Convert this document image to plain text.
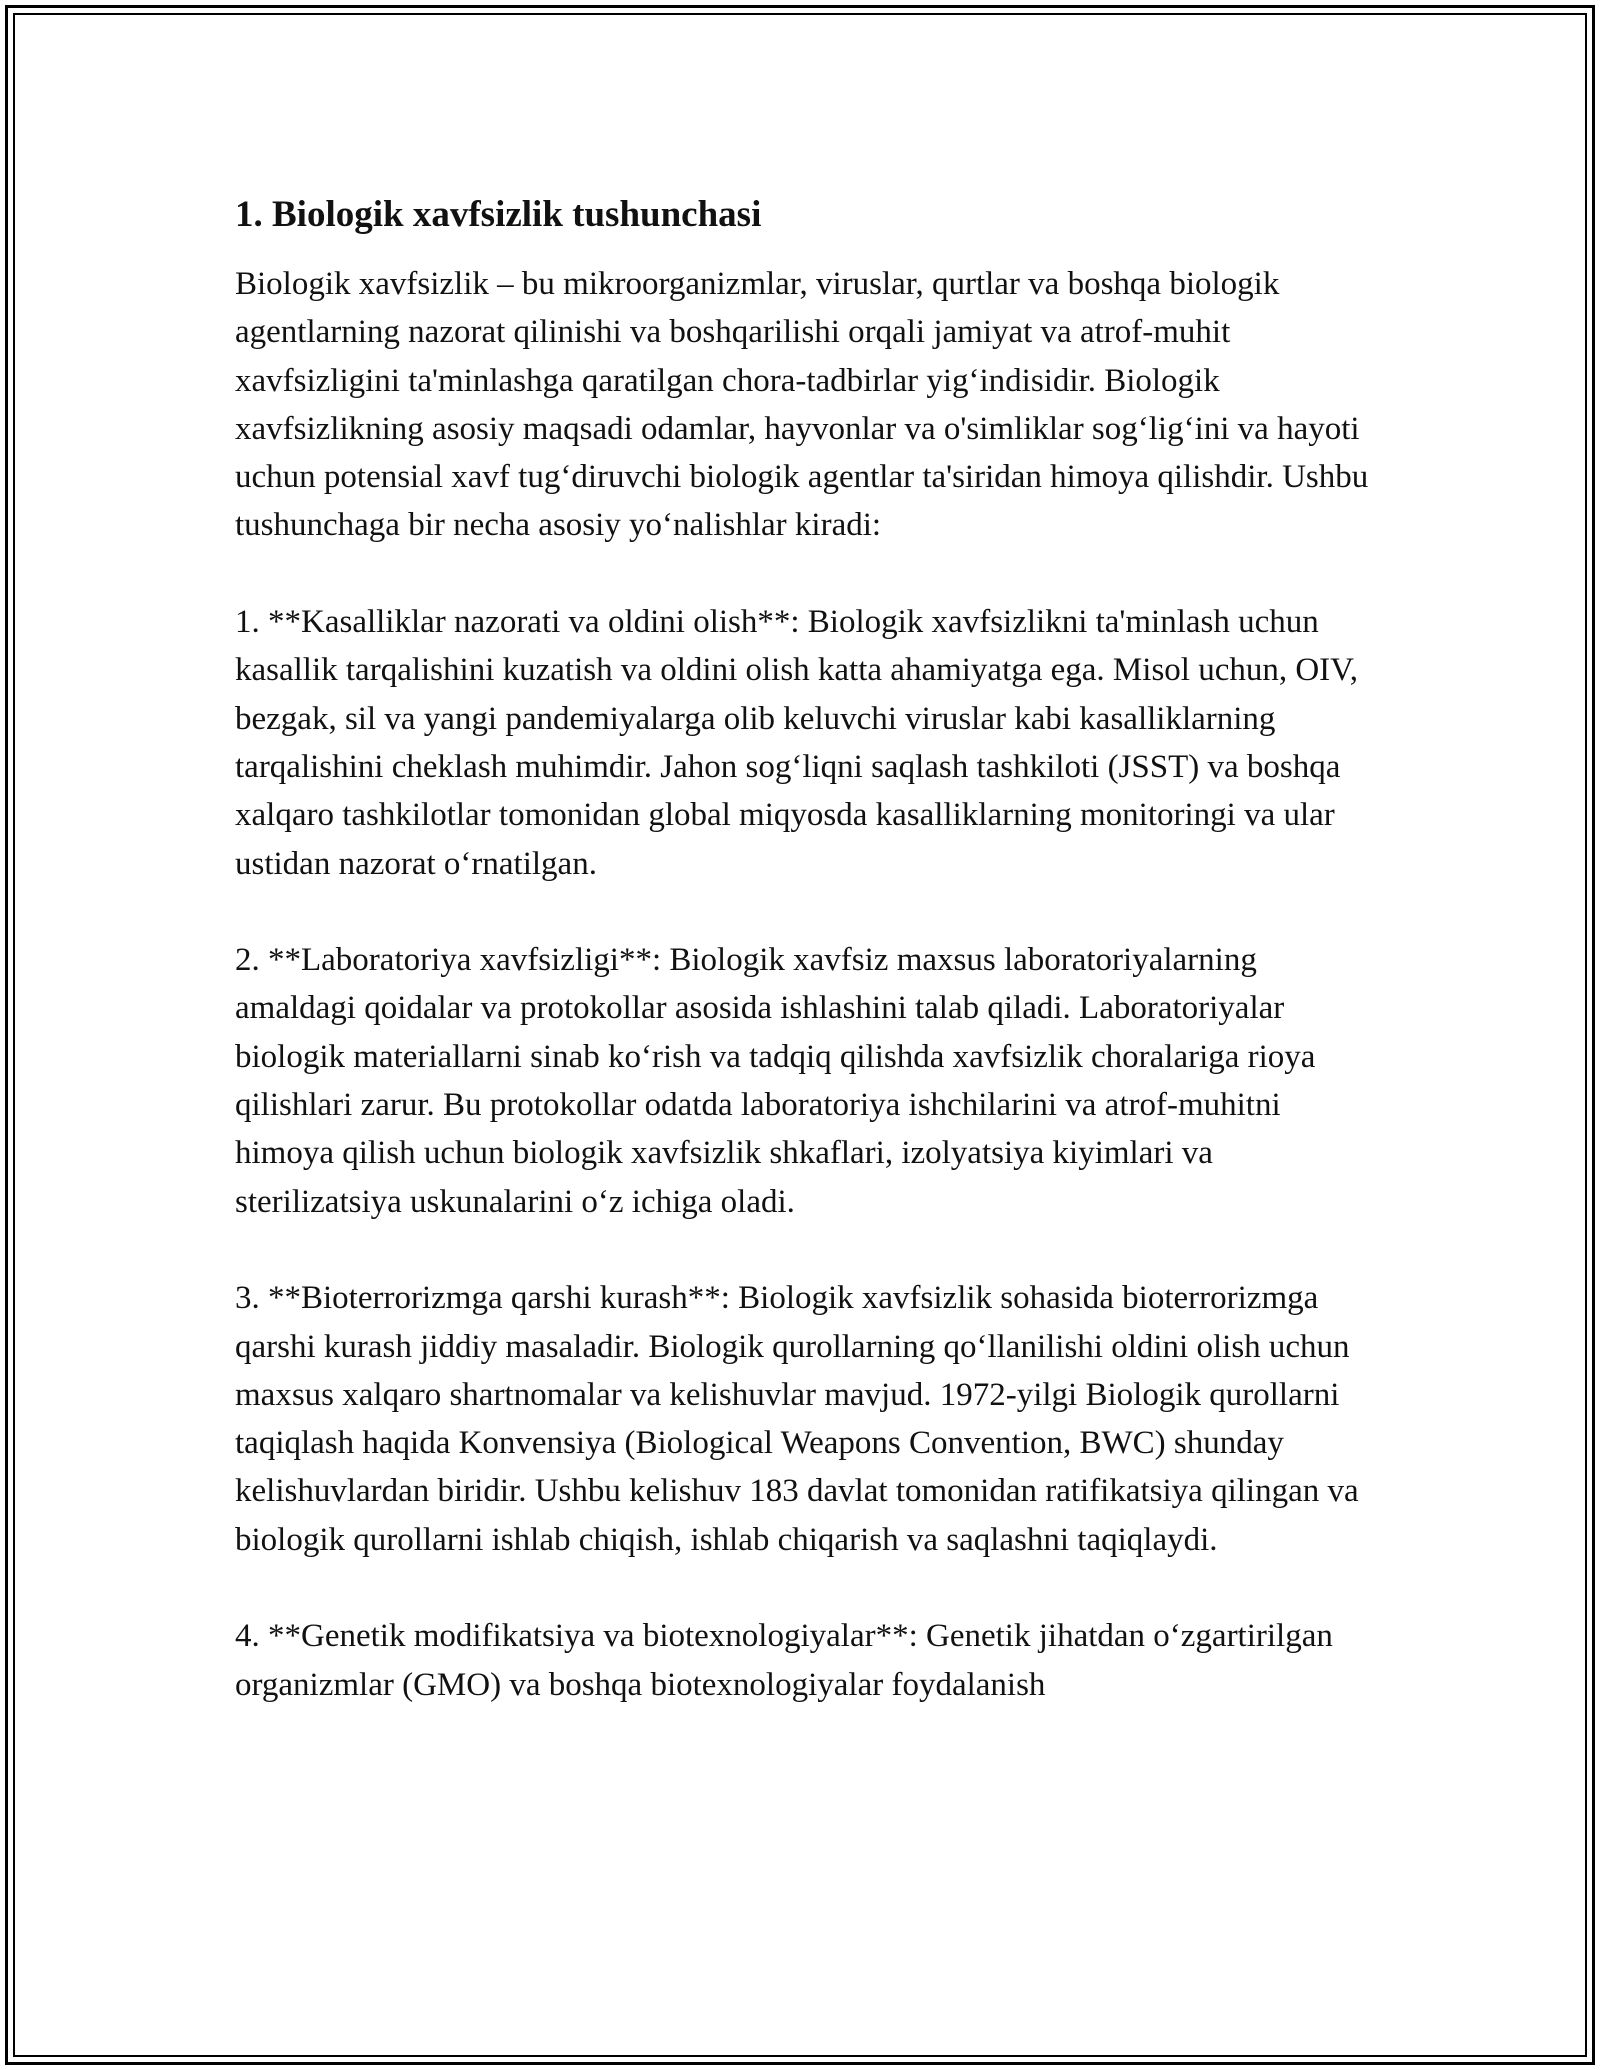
1. Biologik xavfsizlik tushunchasi

Biologik xavfsizlik – bu mikroorganizmlar, viruslar, qurtlar va boshqa biologik agentlarning nazorat qilinishi va boshqarilishi orqali jamiyat va atrof-muhit xavfsizligini ta'minlashga qaratilgan chora-tadbirlar yig‘indisidir. Biologik xavfsizlikning asosiy maqsadi odamlar, hayvonlar va o'simliklar sog‘lig‘ini va hayoti uchun potensial xavf tug‘diruvchi biologik agentlar ta'siridan himoya qilishdir. Ushbu tushunchaga bir necha asosiy yo‘nalishlar kiradi:

1. **Kasalliklar nazorati va oldini olish**: Biologik xavfsizlikni ta'minlash uchun kasallik tarqalishini kuzatish va oldini olish katta ahamiyatga ega. Misol uchun, OIV, bezgak, sil va yangi pandemiyalarga olib keluvchi viruslar kabi kasalliklarning tarqalishini cheklash muhimdir. Jahon sog‘liqni saqlash tashkiloti (JSST) va boshqa xalqaro tashkilotlar tomonidan global miqyosda kasalliklarning monitoringi va ular ustidan nazorat o‘rnatilgan.

2. **Laboratoriya xavfsizligi**: Biologik xavfsiz maxsus laboratoriyalarning amaldagi qoidalar va protokollar asosida ishlashini talab qiladi. Laboratoriyalar biologik materiallarni sinab ko‘rish va tadqiq qilishda xavfsizlik choralariga rioya qilishlari zarur. Bu protokollar odatda laboratoriya ishchilarini va atrof-muhitni himoya qilish uchun biologik xavfsizlik shkaflari, izolyatsiya kiyimlari va sterilizatsiya uskunalarini o‘z ichiga oladi.

3. **Bioterrorizmga qarshi kurash**: Biologik xavfsizlik sohasida bioterrorizmga qarshi kurash jiddiy masaladir. Biologik qurollarning qo‘llanilishi oldini olish uchun maxsus xalqaro shartnomalar va kelishuvlar mavjud. 1972-yilgi Biologik qurollarni taqiqlash haqida Konvensiya (Biological Weapons Convention, BWC) shunday kelishuvlardan biridir. Ushbu kelishuv 183 davlat tomonidan ratifikatsiya qilingan va biologik qurollarni ishlab chiqish, ishlab chiqarish va saqlashni taqiqlaydi.

4. **Genetik modifikatsiya va biotexnologiyalar**: Genetik jihatdan o‘zgartirilgan organizmlar (GMO) va boshqa biotexnologiyalar foydalanish
